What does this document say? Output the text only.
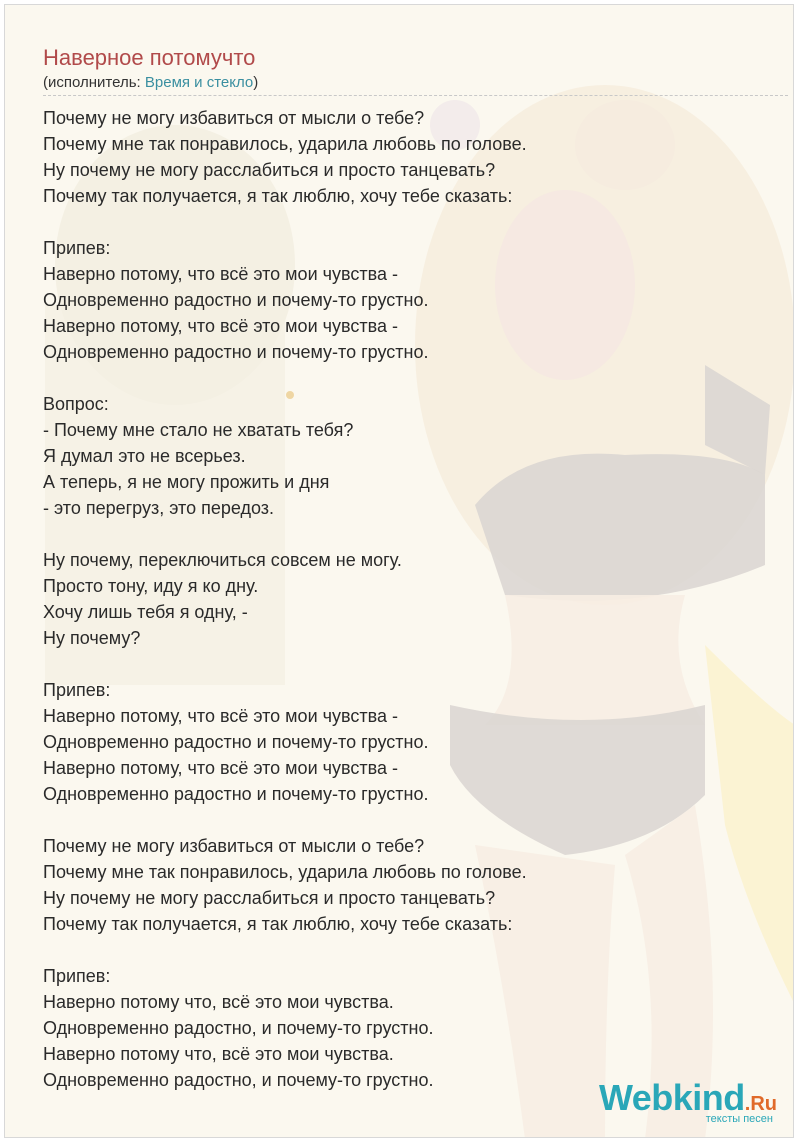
Наверное потомучто
(исполнитель: Время и стекло)
Почему не могу избавиться от мысли о тебе?
Почему мне так понравилось, ударила любовь по голове.
Ну почему не могу расслабиться и просто танцевать?
Почему так получается, я так люблю, хочу тебе сказать:
Припев:
Наверно потому, что всё это мои чувства -
Одновременно радостно и почему-то грустно.
Наверно потому, что всё это мои чувства -
Одновременно радостно и почему-то грустно.
Вопрос:
- Почему мне стало не хватать тебя?
Я думал это не всерьез.
А теперь, я не могу прожить и дня
- это перегруз, это передоз.
Ну почему, переключиться совсем не могу.
Просто тону, иду я ко дну.
Хочу лишь тебя я одну, -
Ну почему?
Припев:
Наверно потому, что всё это мои чувства -
Одновременно радостно и почему-то грустно.
Наверно потому, что всё это мои чувства -
Одновременно радостно и почему-то грустно.
Почему не могу избавиться от мысли о тебе?
Почему мне так понравилось, ударила любовь по голове.
Ну почему не могу расслабиться и просто танцевать?
Почему так получается, я так люблю, хочу тебе сказать:
Припев:
Наверно потому что, всё это мои чувства.
Одновременно радостно, и почему-то грустно.
Наверно потому что, всё это мои чувства.
Одновременно радостно, и почему-то грустно.	Webkind.Ru
тексты песен
